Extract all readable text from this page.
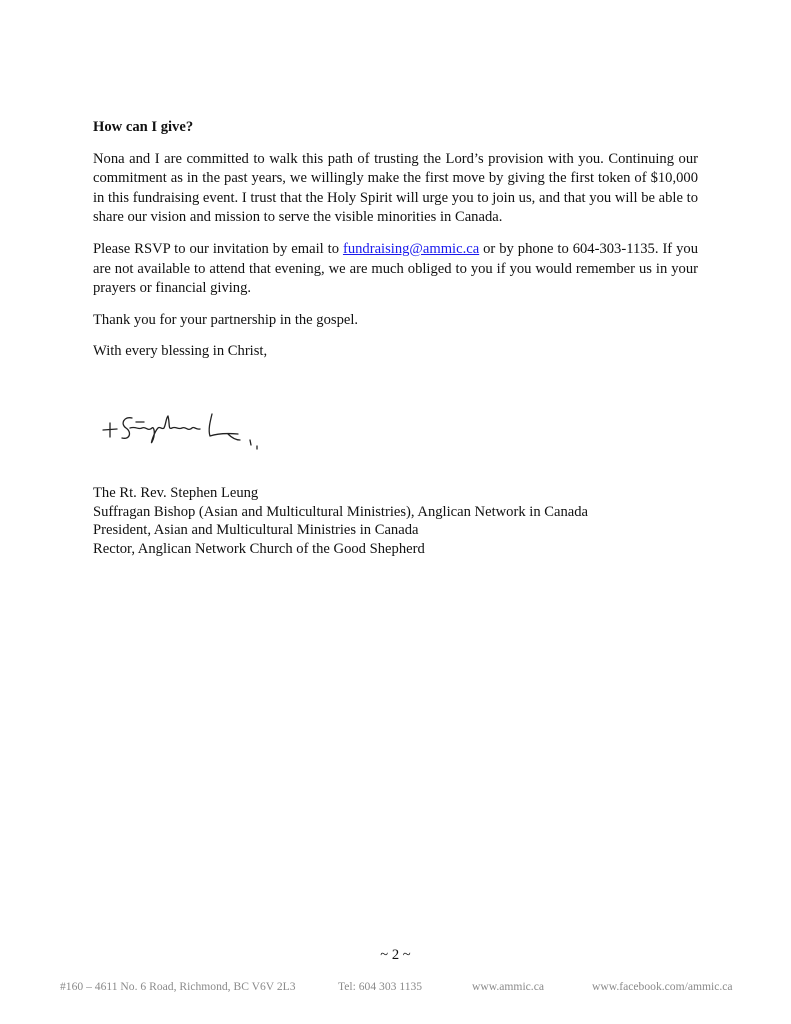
How can I give?

Nona and I are committed to walk this path of trusting the Lord’s provision with you. Continuing our commitment as in the past years, we willingly make the first move by giving the first token of $10,000 in this fundraising event. I trust that the Holy Spirit will urge you to join us, and that you will be able to share our vision and mission to serve the visible minorities in Canada.

Please RSVP to our invitation by email to fundraising@ammic.ca or by phone to 604-303-1135. If you are not available to attend that evening, we are much obliged to you if you would remember us in your prayers or financial giving.

Thank you for your partnership in the gospel.

With every blessing in Christ,

The Rt. Rev. Stephen Leung
Suffragan Bishop (Asian and Multicultural Ministries), Anglican Network in Canada
President, Asian and Multicultural Ministries in Canada
Rector, Anglican Network Church of the Good Shepherd
~ 2 ~
#160 – 4611 No. 6 Road, Richmond, BC V6V 2L3	Tel: 604 303 1135	www.ammic.ca	www.facebook.com/ammic.ca
